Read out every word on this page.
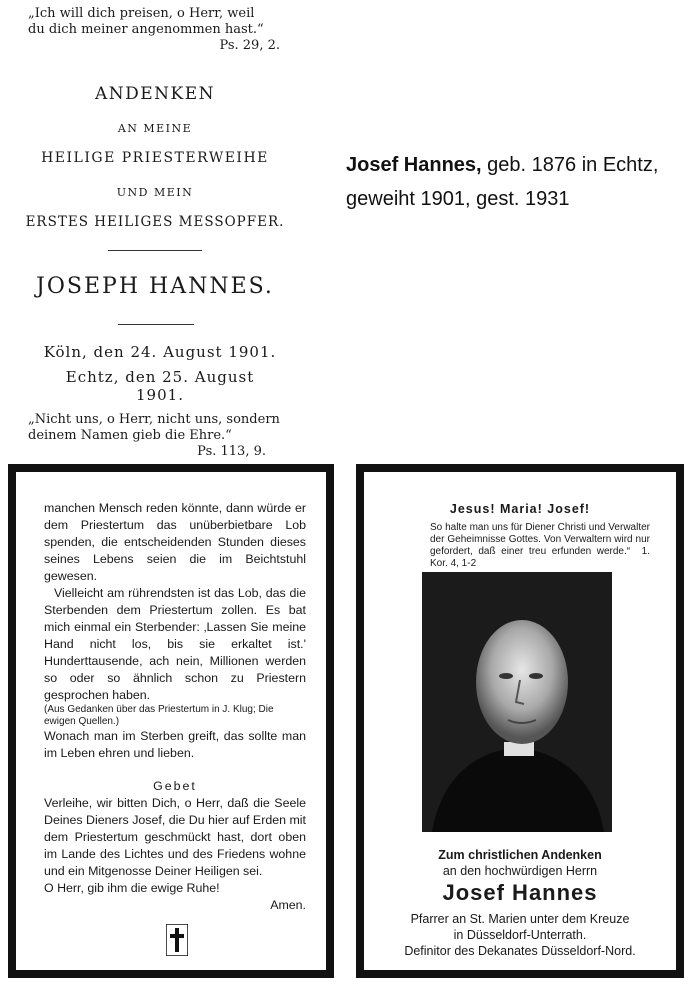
„Ich will dich preisen, o Herr, weil
du dich meiner angenommen hast.“
Ps. 29, 2.
ANDENKEN
AN MEINE
HEILIGE PRIESTERWEIHE
UND MEIN
ERSTES HEILIGES MESSOPFER.
JOSEPH HANNES.
Köln, den 24. August 1901.
Echtz, den 25. August 1901.
„Nicht uns, o Herr, nicht uns, sondern
deinem Namen gieb die Ehre.“
Ps. 113, 9.
Josef Hannes, geb. 1876 in Echtz,
geweiht 1901, gest. 1931

manchen Mensch reden könnte, dann würde er dem Priestertum das unüberbietbare Lob spenden, die entscheidenden Stunden dieses seines Lebens seien die im Beichtstuhl gewesen.

Vielleicht am rührendsten ist das Lob, das die Sterbenden dem Priestertum zollen. Es bat mich einmal ein Sterbender: ‚Lassen Sie meine Hand nicht los, bis sie erkaltet ist.' Hunderttausende, ach nein, Millionen werden so oder so ähnlich schon zu Priestern gesprochen haben.

(Aus Gedanken über das Priestertum in J. Klug; Die ewigen Quellen.)

Wonach man im Sterben greift, das sollte man im Leben ehren und lieben.

Gebet

Verleihe, wir bitten Dich, o Herr, daß die Seele Deines Dieners Josef, die Du hier auf Erden mit dem Priestertum geschmückt hast, dort oben im Lande des Lichtes und des Friedens wohne und ein Mitgenosse Deiner Heiligen sei.

O Herr, gib ihm die ewige Ruhe!

Amen.

Jesus! Maria! Josef!
So halte man uns für Diener Christi und Verwalter der Geheimnisse Gottes. Von Verwaltern wird nur gefordert, daß einer treu erfunden werde.“ 1. Kor. 4, 1-2
Zum christlichen Andenken
an den hochwürdigen Herrn
Josef Hannes
Pfarrer an St. Marien unter dem Kreuze
in Düsseldorf-Unterrath.
Definitor des Dekanates Düsseldorf-Nord.
